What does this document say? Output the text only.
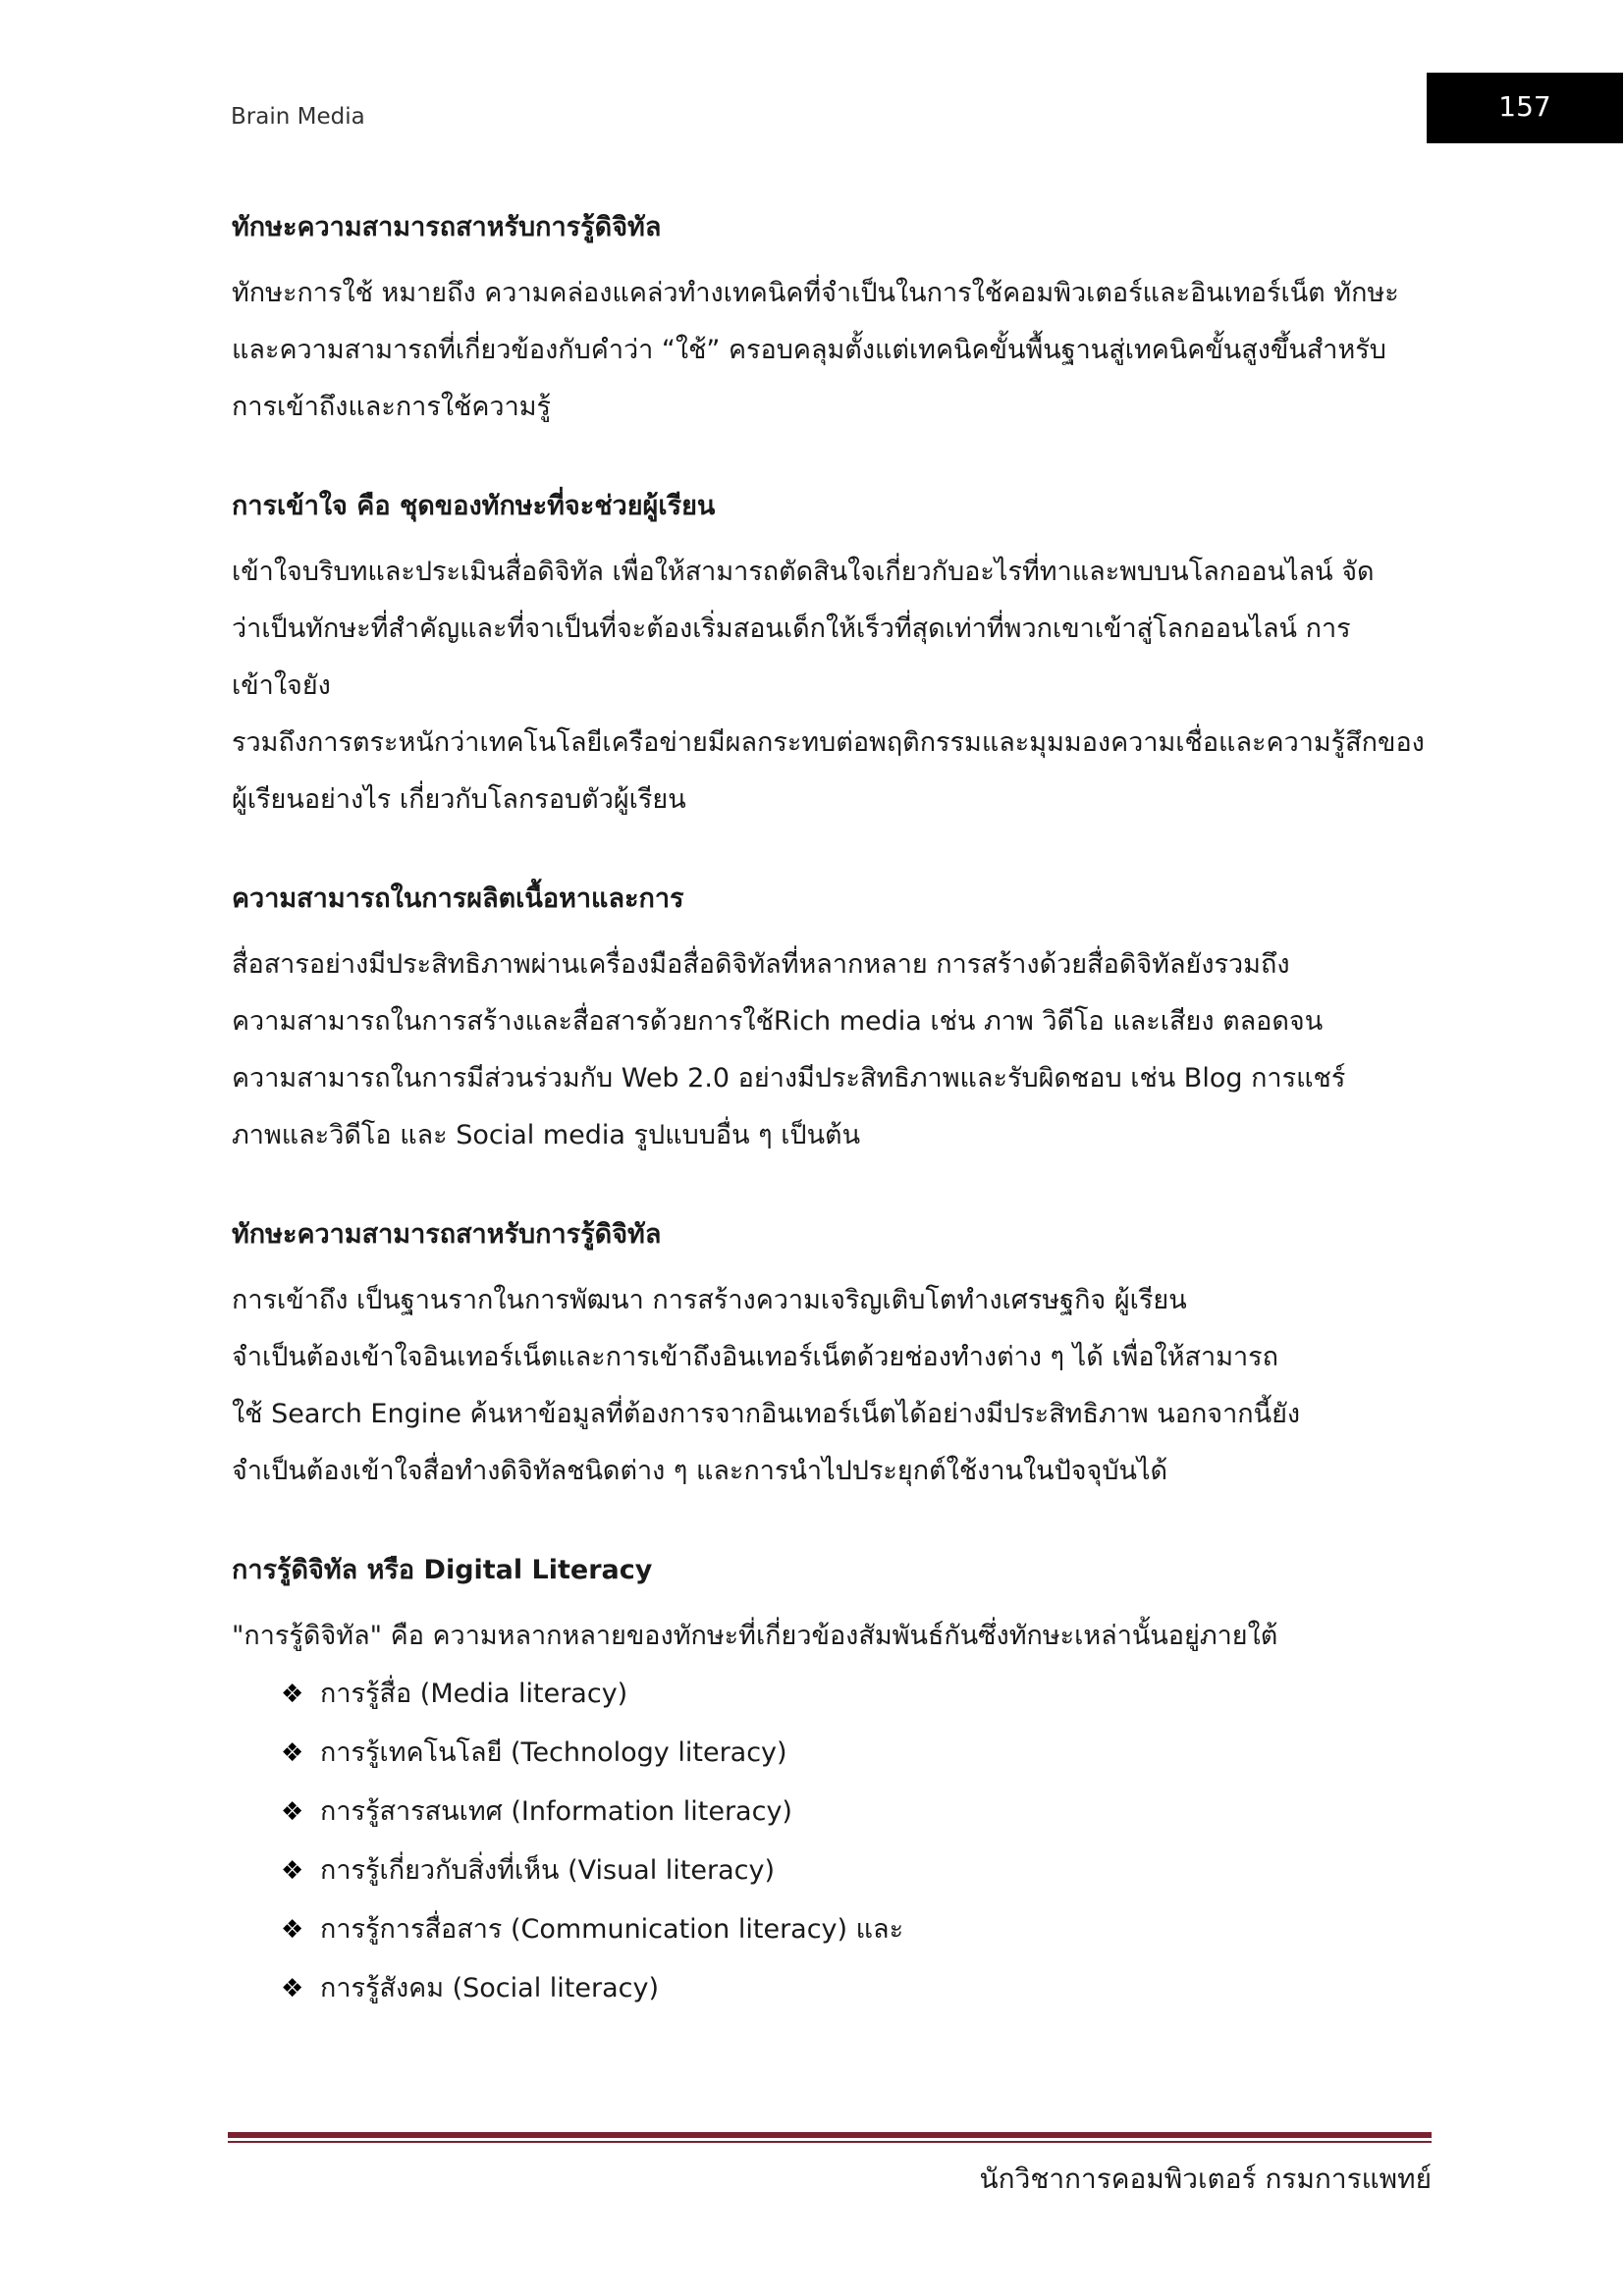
Brain Media	157
ทักษะความสามารถสาหรับการรู้ดิจิทัล
ทักษะการใช้ หมายถึง ความคล่องแคล่วทำงเทคนิคที่จำเป็นในการใช้คอมพิวเตอร์และอินเทอร์เน็ต ทักษะ
และความสามารถที่เกี่ยวข้องกับคำว่า “ใช้” ครอบคลุมตั้งแต่เทคนิคขั้นพื้นฐานสู่เทคนิคขั้นสูงขึ้นสำหรับ
การเข้าถึงและการใช้ความรู้
การเข้าใจ คือ ชุดของทักษะที่จะช่วยผู้เรียน
เข้าใจบริบทและประเมินสื่อดิจิทัล เพื่อให้สามารถตัดสินใจเกี่ยวกับอะไรที่ทาและพบบนโลกออนไลน์ จัด
ว่าเป็นทักษะที่สำคัญและที่จาเป็นที่จะต้องเริ่มสอนเด็กให้เร็วที่สุดเท่าที่พวกเขาเข้าสู่โลกออนไลน์ การ
เข้าใจยัง
รวมถึงการตระหนักว่าเทคโนโลยีเครือข่ายมีผลกระทบต่อพฤติกรรมและมุมมองความเชื่อและความรู้สึกของ
ผู้เรียนอย่างไร เกี่ยวกับโลกรอบตัวผู้เรียน
ความสามารถในการผลิตเนื้อหาและการ
สื่อสารอย่างมีประสิทธิภาพผ่านเครื่องมือสื่อดิจิทัลที่หลากหลาย การสร้างด้วยสื่อดิจิทัลยังรวมถึง
ความสามารถในการสร้างและสื่อสารด้วยการใช้Rich media เช่น ภาพ วิดีโอ และเสียง ตลอดจน
ความสามารถในการมีส่วนร่วมกับ Web 2.0 อย่างมีประสิทธิภาพและรับผิดชอบ เช่น Blog การแชร์
ภาพและวิดีโอ และ Social media รูปแบบอื่น ๆ เป็นต้น
ทักษะความสามารถสาหรับการรู้ดิจิทัล
การเข้าถึง เป็นฐานรากในการพัฒนา การสร้างความเจริญเติบโตทำงเศรษฐกิจ ผู้เรียน
จำเป็นต้องเข้าใจอินเทอร์เน็ตและการเข้าถึงอินเทอร์เน็ตด้วยช่องทำงต่าง ๆ ได้ เพื่อให้สามารถ
ใช้ Search Engine ค้นหาข้อมูลที่ต้องการจากอินเทอร์เน็ตได้อย่างมีประสิทธิภาพ นอกจากนี้ยัง
จำเป็นต้องเข้าใจสื่อทำงดิจิทัลชนิดต่าง ๆ และการนำไปประยุกต์ใช้งานในปัจจุบันได้
การรู้ดิจิทัล หรือ Digital Literacy
"การรู้ดิจิทัล" คือ ความหลากหลายของทักษะที่เกี่ยวข้องสัมพันธ์กันซึ่งทักษะเหล่านั้นอยู่ภายใต้
❖ การรู้สื่อ (Media literacy)
❖ การรู้เทคโนโลยี (Technology literacy)
❖ การรู้สารสนเทศ (Information literacy)
❖ การรู้เกี่ยวกับสิ่งที่เห็น (Visual literacy)
❖ การรู้การสื่อสาร (Communication literacy) และ
❖ การรู้สังคม (Social literacy)
นักวิชาการคอมพิวเตอร์ กรมการแพทย์
